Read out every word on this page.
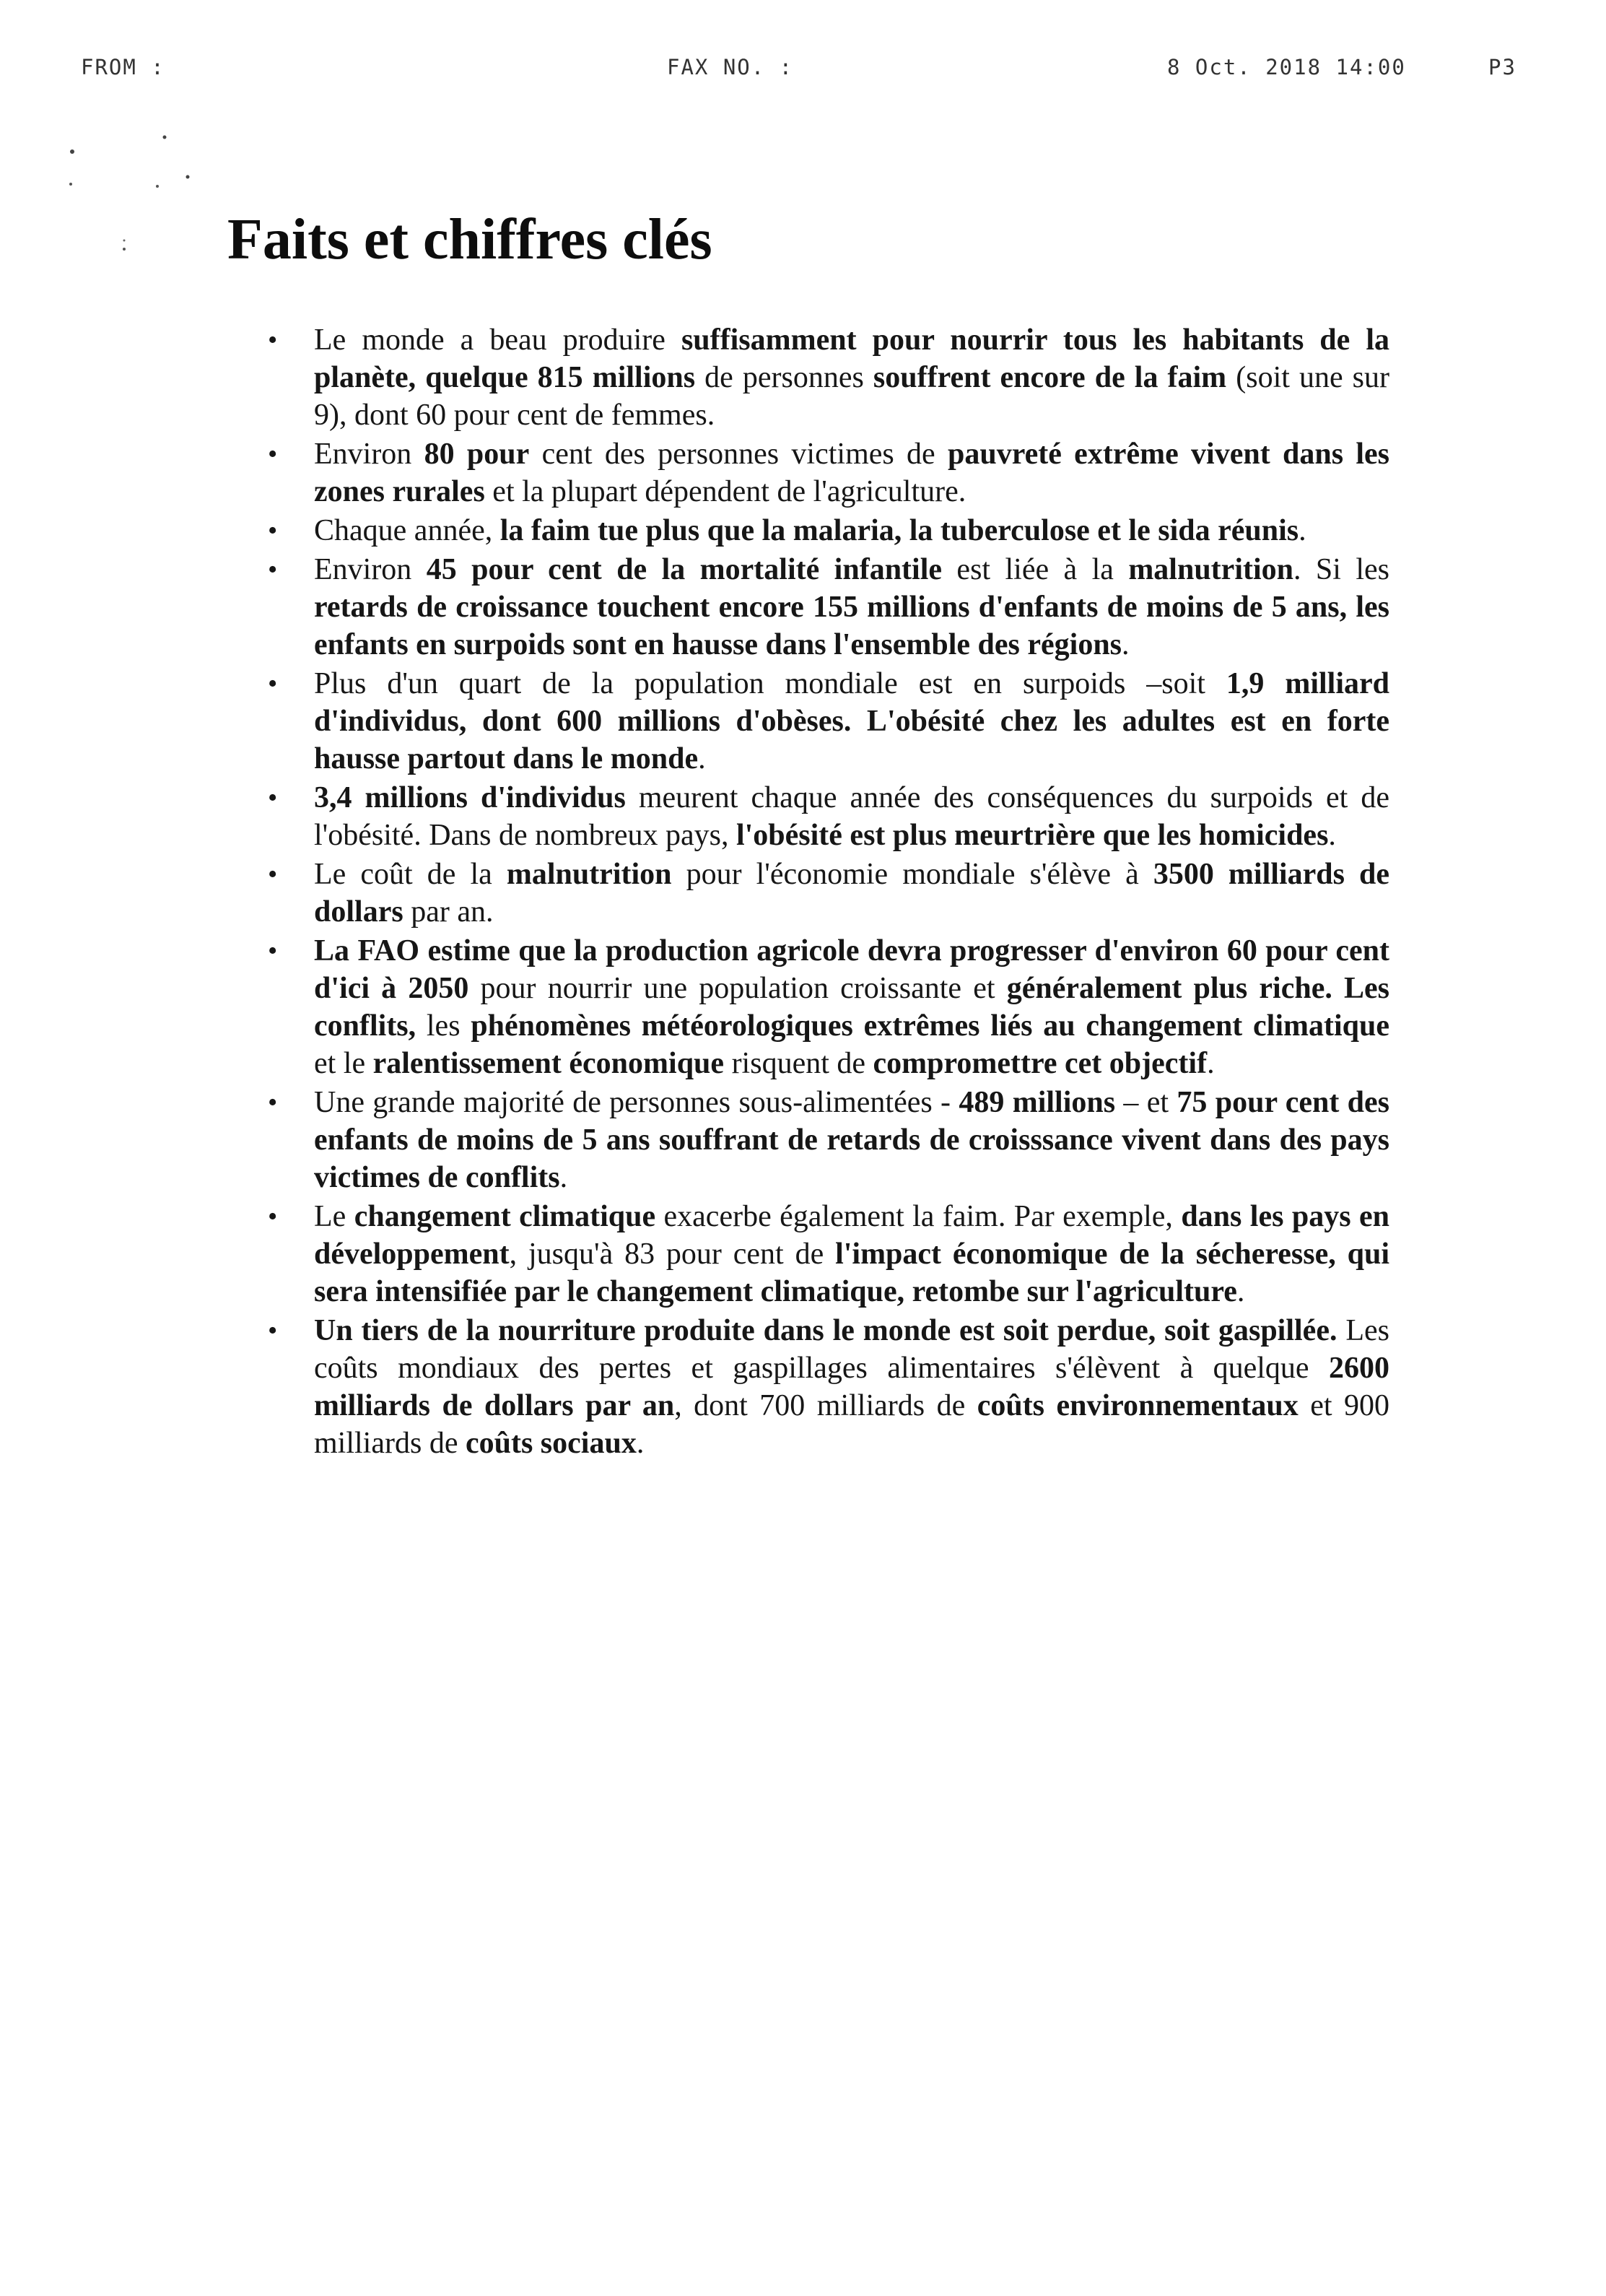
FROM :	FAX NO. :	8 Oct. 2018 14:00	P3
Faits et chiffres clés
• Le monde a beau produire suffisamment pour nourrir tous les habitants de la planète, quelque 815 millions de personnes souffrent encore de la faim (soit une sur 9), dont 60 pour cent de femmes.
• Environ 80 pour cent des personnes victimes de pauvreté extrême vivent dans les zones rurales et la plupart dépendent de l'agriculture.
• Chaque année, la faim tue plus que la malaria, la tuberculose et le sida réunis.
• Environ 45 pour cent de la mortalité infantile est liée à la malnutrition. Si les retards de croissance touchent encore 155 millions d'enfants de moins de 5 ans, les enfants en surpoids sont en hausse dans l'ensemble des régions.
• Plus d'un quart de la population mondiale est en surpoids –soit 1,9 milliard d'individus, dont 600 millions d'obèses. L'obésité chez les adultes est en forte hausse partout dans le monde.
• 3,4 millions d'individus meurent chaque année des conséquences du surpoids et de l'obésité. Dans de nombreux pays, l'obésité est plus meurtrière que les homicides.
• Le coût de la malnutrition pour l'économie mondiale s'élève à 3500 milliards de dollars par an.
• La FAO estime que la production agricole devra progresser d'environ 60 pour cent d'ici à 2050 pour nourrir une population croissante et généralement plus riche. Les conflits, les phénomènes météorologiques extrêmes liés au changement climatique et le ralentissement économique risquent de compromettre cet objectif.
• Une grande majorité de personnes sous-alimentées - 489 millions – et 75 pour cent des enfants de moins de 5 ans souffrant de retards de croisssance vivent dans des pays victimes de conflits.
• Le changement climatique exacerbe également la faim. Par exemple, dans les pays en développement, jusqu'à 83 pour cent de l'impact économique de la sécheresse, qui sera intensifiée par le changement climatique, retombe sur l'agriculture.
• Un tiers de la nourriture produite dans le monde est soit perdue, soit gaspillée. Les coûts mondiaux des pertes et gaspillages alimentaires s'élèvent à quelque 2600 milliards de dollars par an, dont 700 milliards de coûts environnementaux et 900 milliards de coûts sociaux.
